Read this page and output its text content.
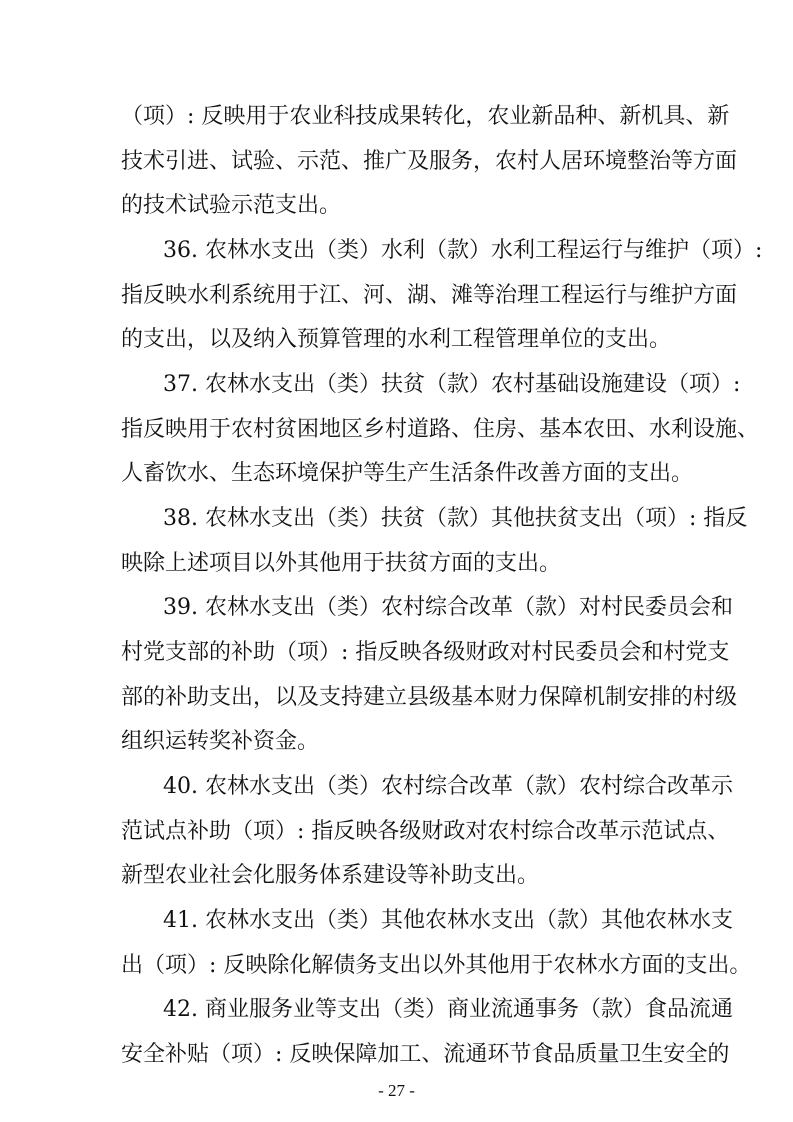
（项）: 反映用于农业科技成果转化，农业新品种、新机具、新
技术引进、试验、示范、推广及服务，农村人居环境整治等方面
的技术试验示范支出。
36. 农林水支出（类）水利（款）水利工程运行与维护（项）:
指反映水利系统用于江、河、湖、滩等治理工程运行与维护方面
的支出，以及纳入预算管理的水利工程管理单位的支出。
37. 农林水支出（类）扶贫（款）农村基础设施建设（项）:
指反映用于农村贫困地区乡村道路、住房、基本农田、水利设施、
人畜饮水、生态环境保护等生产生活条件改善方面的支出。
38. 农林水支出（类）扶贫（款）其他扶贫支出（项）: 指反
映除上述项目以外其他用于扶贫方面的支出。
39. 农林水支出（类）农村综合改革（款）对村民委员会和
村党支部的补助（项）: 指反映各级财政对村民委员会和村党支
部的补助支出，以及支持建立县级基本财力保障机制安排的村级
组织运转奖补资金。
40. 农林水支出（类）农村综合改革（款）农村综合改革示
范试点补助（项）: 指反映各级财政对农村综合改革示范试点、
新型农业社会化服务体系建设等补助支出。
41. 农林水支出（类）其他农林水支出（款）其他农林水支
出（项）: 反映除化解债务支出以外其他用于农林水方面的支出。
42. 商业服务业等支出（类）商业流通事务（款）食品流通
安全补贴（项）: 反映保障加工、流通环节食品质量卫生安全的
- 27 -
